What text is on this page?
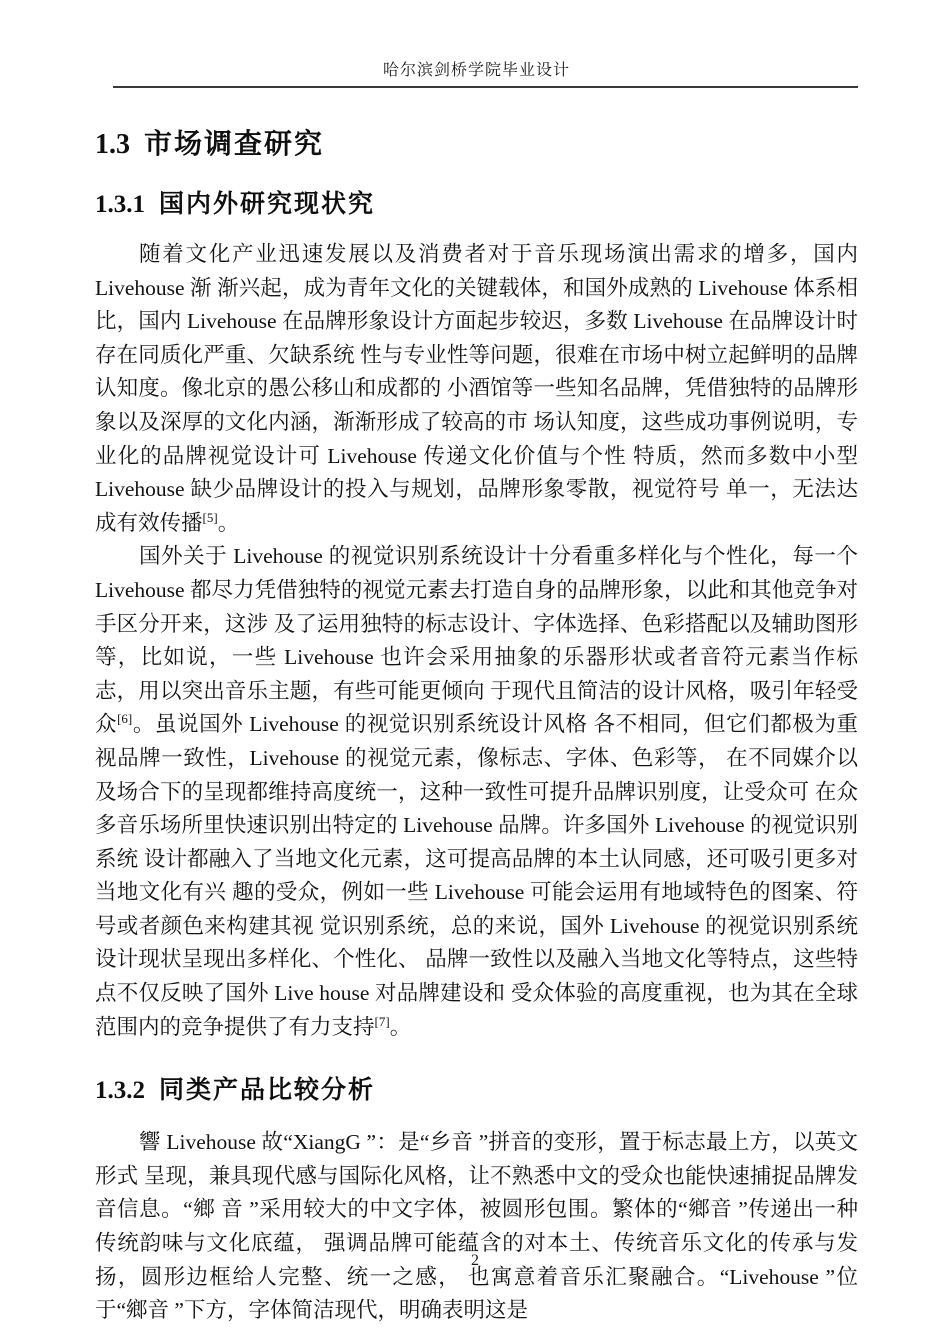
哈尔滨剑桥学院毕业设计
1.3 市场调查研究
1.3.1 国内外研究现状究

随着文化产业迅速发展以及消费者对于音乐现场演出需求的增多，国内 Livehouse 渐 渐兴起，成为青年文化的关键载体，和国外成熟的 Livehouse 体系相比，国内 Livehouse 在品牌形象设计方面起步较迟，多数 Livehouse 在品牌设计时存在同质化严重、欠缺系统 性与专业性等问题，很难在市场中树立起鲜明的品牌认知度。像北京的愚公移山和成都的 小酒馆等一些知名品牌，凭借独特的品牌形象以及深厚的文化内涵，渐渐形成了较高的市 场认知度，这些成功事例说明，专业化的品牌视觉设计可 Livehouse 传递文化价值与个性 特质，然而多数中小型 Livehouse 缺少品牌设计的投入与规划，品牌形象零散，视觉符号 单一，无法达成有效传播[5]。

国外关于 Livehouse 的视觉识别系统设计十分看重多样化与个性化，每一个 Livehouse 都尽力凭借独特的视觉元素去打造自身的品牌形象，以此和其他竞争对手区分开来，这涉 及了运用独特的标志设计、字体选择、色彩搭配以及辅助图形等，比如说，一些 Livehouse 也许会采用抽象的乐器形状或者音符元素当作标志，用以突出音乐主题，有些可能更倾向 于现代且简洁的设计风格，吸引年轻受众[6]。虽说国外 Livehouse 的视觉识别系统设计风格 各不相同，但它们都极为重视品牌一致性，Livehouse 的视觉元素，像标志、字体、色彩等， 在不同媒介以及场合下的呈现都维持高度统一，这种一致性可提升品牌识别度，让受众可 在众多音乐场所里快速识别出特定的 Livehouse 品牌。许多国外 Livehouse 的视觉识别系统 设计都融入了当地文化元素，这可提高品牌的本土认同感，还可吸引更多对当地文化有兴 趣的受众，例如一些 Livehouse 可能会运用有地域特色的图案、符号或者颜色来构建其视 觉识别系统，总的来说，国外 Livehouse 的视觉识别系统设计现状呈现出多样化、个性化、 品牌一致性以及融入当地文化等特点，这些特点不仅反映了国外 Live house 对品牌建设和 受众体验的高度重视，也为其在全球范围内的竞争提供了有力支持[7]。

1.3.2 同类产品比较分析

響 Livehouse 故“XiangG ”：是“乡音 ”拼音的变形，置于标志最上方，以英文形式 呈现，兼具现代感与国际化风格，让不熟悉中文的受众也能快速捕捉品牌发音信息。“鄉 音 ”采用较大的中文字体，被圆形包围。繁体的“鄉音 ”传递出一种传统韵味与文化底蕴， 强调品牌可能蕴含的对本土、传统音乐文化的传承与发扬，圆形边框给人完整、统一之感， 也寓意着音乐汇聚融合。“Livehouse ”位于“鄉音 ”下方，字体简洁现代，明确表明这是

2
